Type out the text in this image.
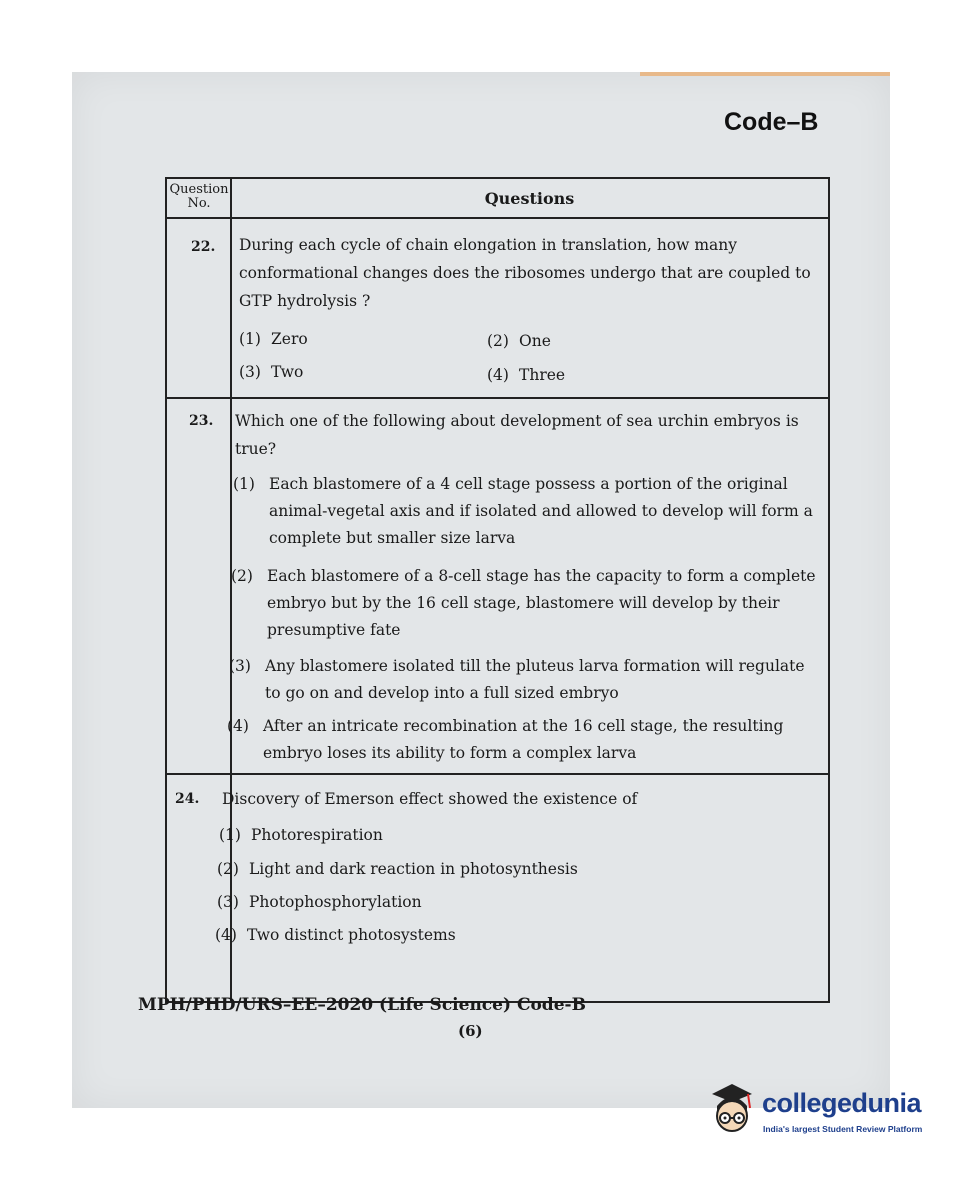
Code–B
Question
No.	Questions
22. During each cycle of chain elongation in translation, how many conformational changes does the ribosomes undergo that are coupled to GTP hydrolysis ?
(1) Zero	(2) One
(3) Two	(4) Three
23. Which one of the following about development of sea urchin embryos is true?
(1) Each blastomere of a 4 cell stage possess a portion of the original animal-vegetal axis and if isolated and allowed to develop will form a complete but smaller size larva
(2) Each blastomere of a 8-cell stage has the capacity to form a complete embryo but by the 16 cell stage, blastomere will develop by their presumptive fate
(3) Any blastomere isolated till the pluteus larva formation will regulate to go on and develop into a full sized embryo
(4) After an intricate recombination at the 16 cell stage, the resulting embryo loses its ability to form a complex larva
24. Discovery of Emerson effect showed the existence of
(1) Photorespiration
(2) Light and dark reaction in photosynthesis
(3) Photophosphorylation
(4) Two distinct photosystems
MPH/PHD/URS–EE–2020 (Life Science) Code-B
(6)
collegedunia
India's largest Student Review Platform
